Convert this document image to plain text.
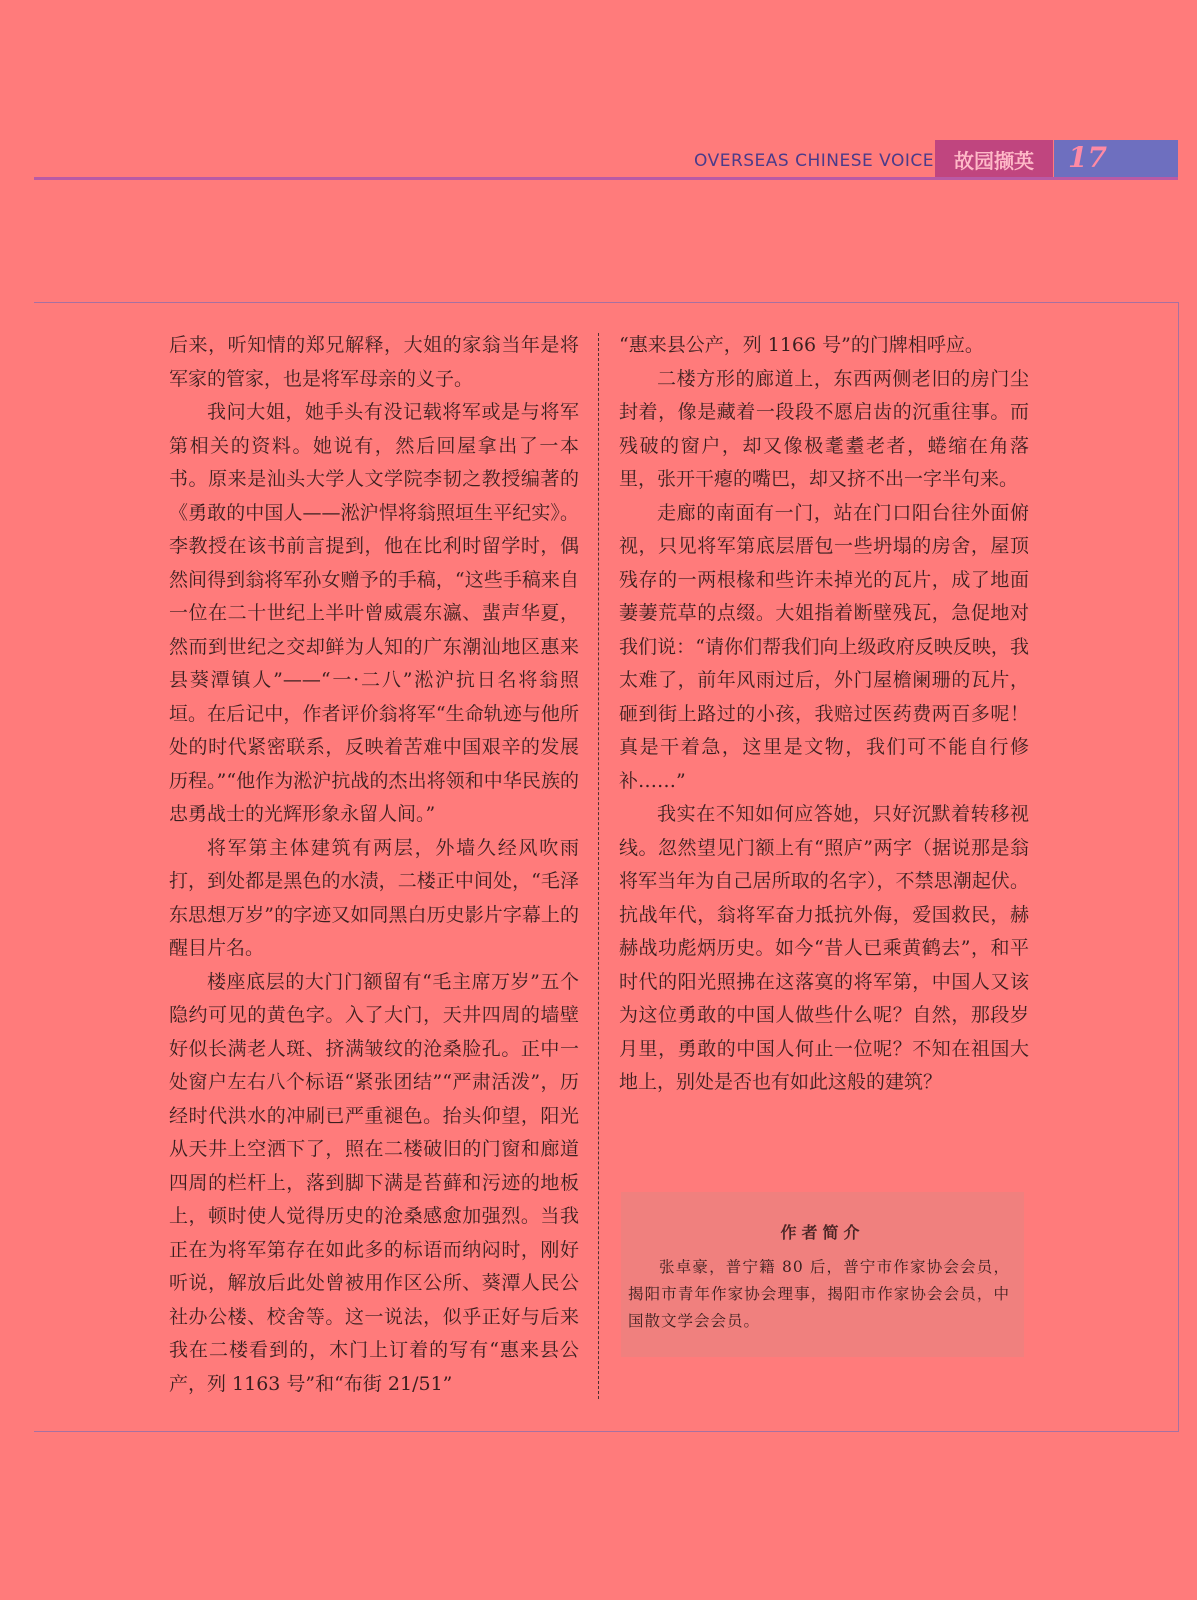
OVERSEAS CHINESE VOICE 故园撷英	17

后来，听知情的郑兄解释，大姐的家翁当年是将军家的管家，也是将军母亲的义子。

我问大姐，她手头有没记载将军或是与将军第相关的资料。她说有，然后回屋拿出了一本书。原来是汕头大学人文学院李韧之教授编著的《勇敢的中国人——淞沪悍将翁照垣生平纪实》。李教授在该书前言提到，他在比利时留学时，偶然间得到翁将军孙女赠予的手稿，“这些手稿来自一位在二十世纪上半叶曾威震东瀛、蜚声华夏，然而到世纪之交却鲜为人知的广东潮汕地区惠来县葵潭镇人”——“一·二八”淞沪抗日名将翁照垣。在后记中，作者评价翁将军“生命轨迹与他所处的时代紧密联系，反映着苦难中国艰辛的发展历程。”“他作为淞沪抗战的杰出将领和中华民族的忠勇战士的光辉形象永留人间。”

将军第主体建筑有两层，外墙久经风吹雨打，到处都是黑色的水渍，二楼正中间处，“毛泽东思想万岁”的字迹又如同黑白历史影片字幕上的醒目片名。

楼座底层的大门门额留有“毛主席万岁”五个隐约可见的黄色字。入了大门，天井四周的墙壁好似长满老人斑、挤满皱纹的沧桑脸孔。正中一处窗户左右八个标语“紧张团结”“严肃活泼”，历经时代洪水的冲刷已严重褪色。抬头仰望，阳光从天井上空洒下了，照在二楼破旧的门窗和廊道四周的栏杆上，落到脚下满是苔藓和污迹的地板上，顿时使人觉得历史的沧桑感愈加强烈。当我正在为将军第存在如此多的标语而纳闷时，刚好听说，解放后此处曾被用作区公所、葵潭人民公社办公楼、校舍等。这一说法，似乎正好与后来我在二楼看到的，木门上订着的写有“惠来县公产，列 1163 号”和“布街 21/51”

“惠来县公产，列 1166 号”的门牌相呼应。

二楼方形的廊道上，东西两侧老旧的房门尘封着，像是藏着一段段不愿启齿的沉重往事。而残破的窗户，却又像极耄耋老者，蜷缩在角落里，张开干瘪的嘴巴，却又挤不出一字半句来。

走廊的南面有一门，站在门口阳台往外面俯视，只见将军第底层厝包一些坍塌的房舍，屋顶残存的一两根椽和些许未掉光的瓦片，成了地面萋萋荒草的点缀。大姐指着断壁残瓦，急促地对我们说：“请你们帮我们向上级政府反映反映，我太难了，前年风雨过后，外门屋檐阑珊的瓦片，砸到街上路过的小孩，我赔过医药费两百多呢！真是干着急，这里是文物，我们可不能自行修补……”

我实在不知如何应答她，只好沉默着转移视线。忽然望见门额上有“照庐”两字（据说那是翁将军当年为自己居所取的名字），不禁思潮起伏。抗战年代，翁将军奋力抵抗外侮，爱国救民，赫赫战功彪炳历史。如今“昔人已乘黄鹤去”，和平时代的阳光照拂在这落寞的将军第，中国人又该为这位勇敢的中国人做些什么呢？自然，那段岁月里，勇敢的中国人何止一位呢？不知在祖国大地上，别处是否也有如此这般的建筑？

作者简介
张卓豪，普宁籍 80 后，普宁市作家协会会员，揭阳市青年作家协会理事，揭阳市作家协会会员，中国散文学会会员。
